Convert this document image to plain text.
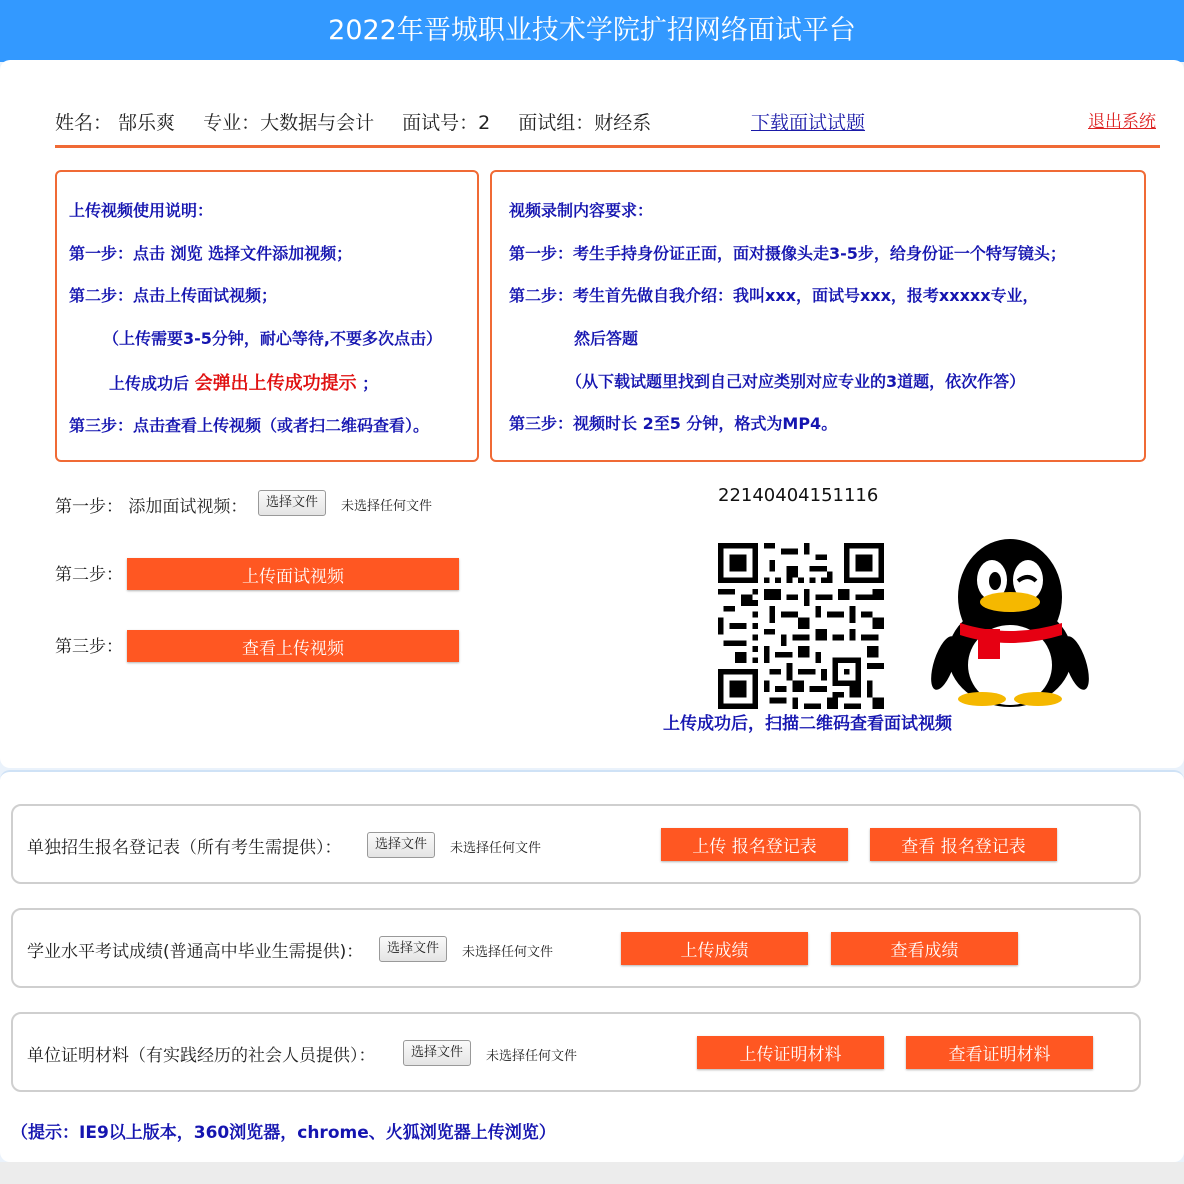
2022年晋城职业技术学院扩招网络面试平台
姓名： 郜乐爽 专业：大数据与会计 面试号：2 面试组：财经系	下载面试试题	退出系统
上传视频使用说明：
第一步：点击 浏览 选择文件添加视频；
第二步：点击上传面试视频；
（上传需要3-5分钟，耐心等待,不要多次点击）
上传成功后 会弹出上传成功提示 ；
第三步：点击查看上传视频（或者扫二维码查看）。
视频录制内容要求：
第一步：考生手持身份证正面，面对摄像头走3-5步，给身份证一个特写镜头；
第二步：考生首先做自我介绍：我叫xxx，面试号xxx，报考xxxxx专业，
然后答题
（从下载试题里找到自己对应类别对应专业的3道题，依次作答）
第三步：视频时长 2至5 分钟，格式为MP4。
第一步： 添加面试视频：	选择文件	未选择任何文件
第二步：	上传面试视频
第三步：	查看上传视频
22140404151116
上传成功后，扫描二维码查看面试视频
单独招生报名登记表（所有考生需提供）：	选择文件	未选择任何文件	上传 报名登记表	查看 报名登记表
学业水平考试成绩(普通高中毕业生需提供)：	选择文件	未选择任何文件	上传成绩	查看成绩
单位证明材料（有实践经历的社会人员提供）：	选择文件	未选择任何文件	上传证明材料	查看证明材料
（提示：IE9以上版本，360浏览器，chrome、火狐浏览器上传浏览）
